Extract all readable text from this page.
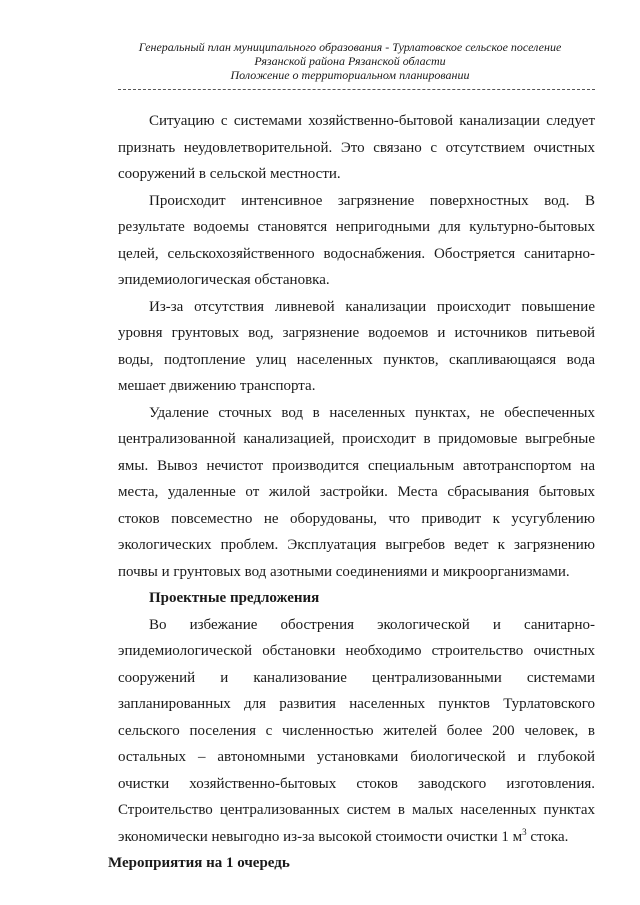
Генеральный план муниципального образования - Турлатовское сельское поселение
Рязанской района Рязанской области
Положение о территориальном планировании

Ситуацию с системами хозяйственно-бытовой канализации следует признать неудовлетворительной. Это связано с отсутствием очистных сооружений в сельской местности.

Происходит интенсивное загрязнение поверхностных вод. В результате водоемы становятся непригодными для культурно-бытовых целей, сельскохозяйственного водоснабжения. Обостряется санитарно-эпидемиологическая обстановка.

Из-за отсутствия ливневой канализации происходит повышение уровня грунтовых вод, загрязнение водоемов и источников питьевой воды, подтопление улиц населенных пунктов, скапливающаяся вода мешает движению транспорта.

Удаление сточных вод в населенных пунктах, не обеспеченных централизованной канализацией, происходит в придомовые выгребные ямы. Вывоз нечистот производится специальным автотранспортом на места, удаленные от жилой застройки. Места сбрасывания бытовых стоков повсеместно не оборудованы, что приводит к усугублению экологических проблем. Эксплуатация выгребов ведет к загрязнению почвы и грунтовых вод азотными соединениями и микроорганизмами.

Проектные предложения

Во избежание обострения экологической и санитарно-эпидемиологической обстановки необходимо строительство очистных сооружений и канализование централизованными системами запланированных для развития населенных пунктов Турлатовского сельского поселения с численностью жителей более 200 человек, в остальных – автономными установками биологической и глубокой очистки хозяйственно-бытовых стоков заводского изготовления. Строительство централизованных систем в малых населенных пунктах экономически невыгодно из-за высокой стоимости очистки 1 $м^3$ стока.

Мероприятия на 1 очередь
